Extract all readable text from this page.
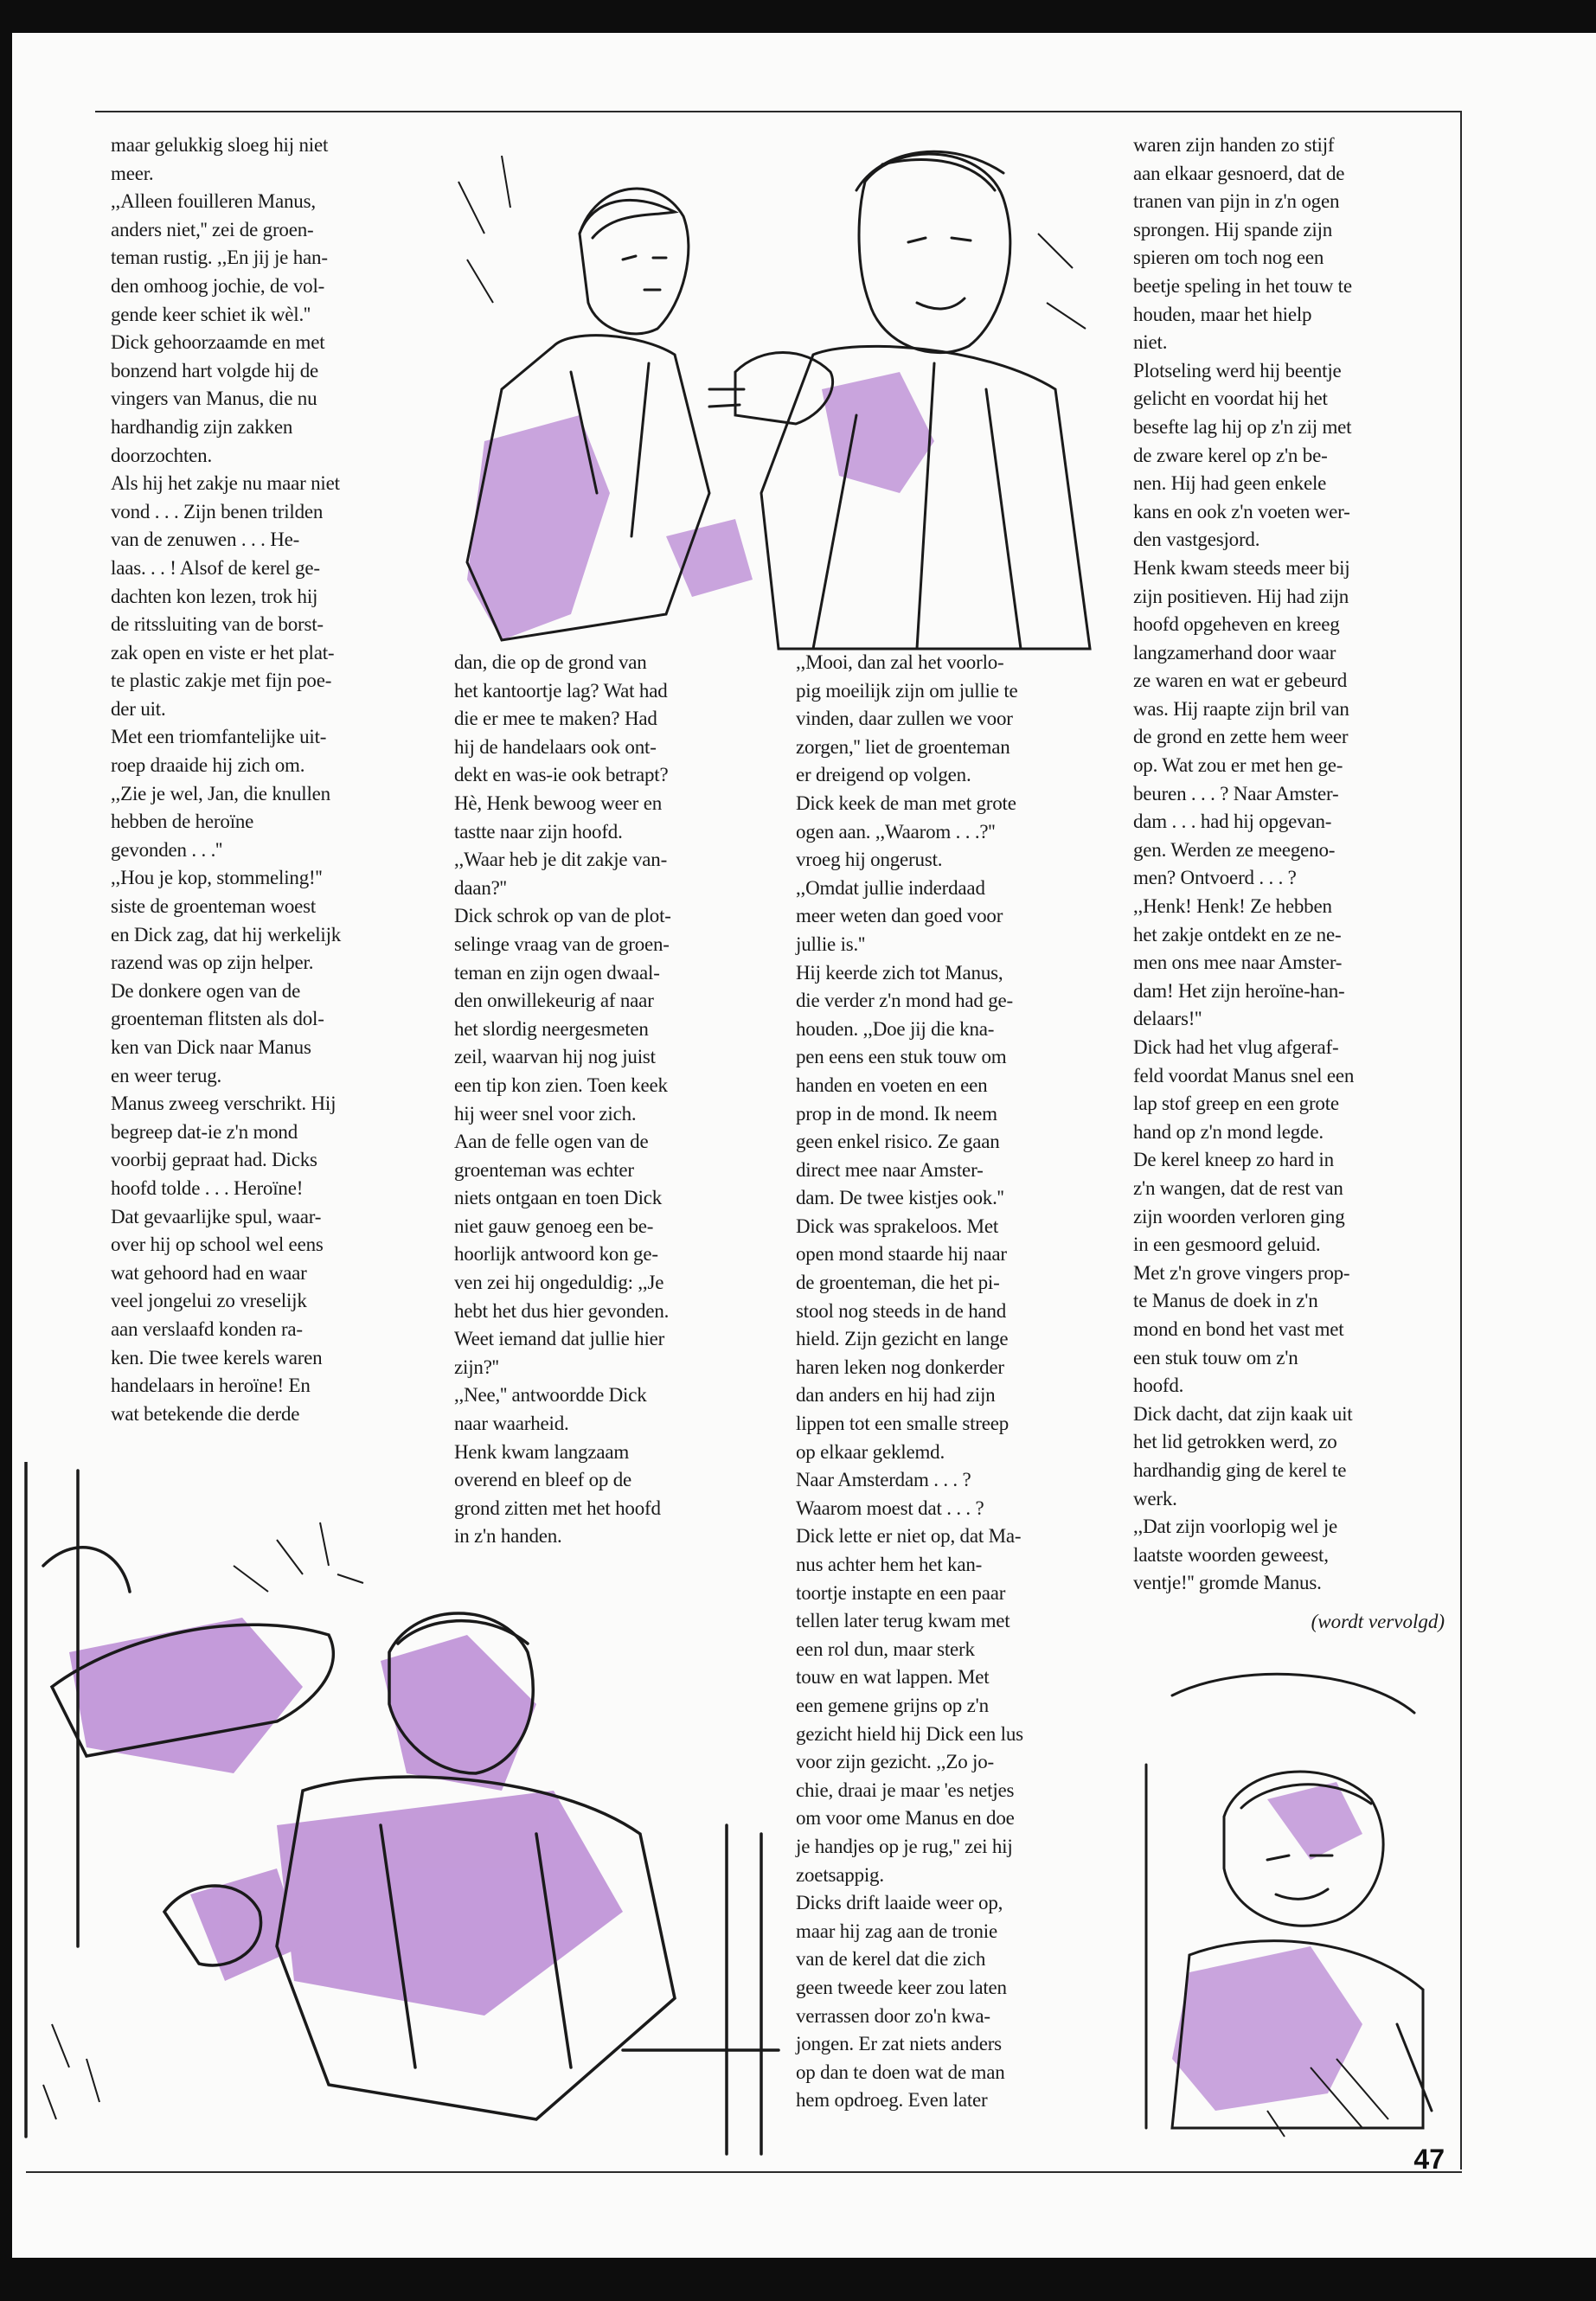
maar gelukkig sloeg hij niet
meer.
,,Alleen fouilleren Manus,
anders niet,'' zei de groen-
teman rustig. ,,En jij je han-
den omhoog jochie, de vol-
gende keer schiet ik wèl.''
Dick gehoorzaamde en met
bonzend hart volgde hij de
vingers van Manus, die nu
hardhandig zijn zakken
doorzochten.
Als hij het zakje nu maar niet
vond . . . Zijn benen trilden
van de zenuwen . . . He-
laas. . . ! Alsof de kerel ge-
dachten kon lezen, trok hij
de ritssluiting van de borst-
zak open en viste er het plat-
te plastic zakje met fijn poe-
der uit.
Met een triomfantelijke uit-
roep draaide hij zich om.
,,Zie je wel, Jan, die knullen
hebben de heroïne
gevonden . . .''
,,Hou je kop, stommeling!''
siste de groenteman woest
en Dick zag, dat hij werkelijk
razend was op zijn helper.
De donkere ogen van de
groenteman flitsten als dol-
ken van Dick naar Manus
en weer terug.
Manus zweeg verschrikt. Hij
begreep dat-ie z'n mond
voorbij gepraat had. Dicks
hoofd tolde . . . Heroïne!
Dat gevaarlijke spul, waar-
over hij op school wel eens
wat gehoord had en waar
veel jongelui zo vreselijk
aan verslaafd konden ra-
ken. Die twee kerels waren
handelaars in heroïne! En
wat betekende die derde
dan, die op de grond van
het kantoortje lag? Wat had
die er mee te maken? Had
hij de handelaars ook ont-
dekt en was-ie ook betrapt?
Hè, Henk bewoog weer en
tastte naar zijn hoofd.
,,Waar heb je dit zakje van-
daan?''
Dick schrok op van de plot-
selinge vraag van de groen-
teman en zijn ogen dwaal-
den onwillekeurig af naar
het slordig neergesmeten
zeil, waarvan hij nog juist
een tip kon zien. Toen keek
hij weer snel voor zich.
Aan de felle ogen van de
groenteman was echter
niets ontgaan en toen Dick
niet gauw genoeg een be-
hoorlijk antwoord kon ge-
ven zei hij ongeduldig: ,,Je
hebt het dus hier gevonden.
Weet iemand dat jullie hier
zijn?''
,,Nee,'' antwoordde Dick
naar waarheid.
Henk kwam langzaam
overend en bleef op de
grond zitten met het hoofd
in z'n handen.
,,Mooi, dan zal het voorlo-
pig moeilijk zijn om jullie te
vinden, daar zullen we voor
zorgen,'' liet de groenteman
er dreigend op volgen.
Dick keek de man met grote
ogen aan. ,,Waarom . . .?''
vroeg hij ongerust.
,,Omdat jullie inderdaad
meer weten dan goed voor
jullie is.''
Hij keerde zich tot Manus,
die verder z'n mond had ge-
houden. ,,Doe jij die kna-
pen eens een stuk touw om
handen en voeten en een
prop in de mond. Ik neem
geen enkel risico. Ze gaan
direct mee naar Amster-
dam. De twee kistjes ook.''
Dick was sprakeloos. Met
open mond staarde hij naar
de groenteman, die het pi-
stool nog steeds in de hand
hield. Zijn gezicht en lange
haren leken nog donkerder
dan anders en hij had zijn
lippen tot een smalle streep
op elkaar geklemd.
Naar Amsterdam . . . ?
Waarom moest dat . . . ?
Dick lette er niet op, dat Ma-
nus achter hem het kan-
toortje instapte en een paar
tellen later terug kwam met
een rol dun, maar sterk
touw en wat lappen. Met
een gemene grijns op z'n
gezicht hield hij Dick een lus
voor zijn gezicht. ,,Zo jo-
chie, draai je maar 'es netjes
om voor ome Manus en doe
je handjes op je rug,'' zei hij
zoetsappig.
Dicks drift laaide weer op,
maar hij zag aan de tronie
van de kerel dat die zich
geen tweede keer zou laten
verrassen door zo'n kwa-
jongen. Er zat niets anders
op dan te doen wat de man
hem opdroeg. Even later
waren zijn handen zo stijf
aan elkaar gesnoerd, dat de
tranen van pijn in z'n ogen
sprongen. Hij spande zijn
spieren om toch nog een
beetje speling in het touw te
houden, maar het hielp
niet.
Plotseling werd hij beentje
gelicht en voordat hij het
besefte lag hij op z'n zij met
de zware kerel op z'n be-
nen. Hij had geen enkele
kans en ook z'n voeten wer-
den vastgesjord.
Henk kwam steeds meer bij
zijn positieven. Hij had zijn
hoofd opgeheven en kreeg
langzamerhand door waar
ze waren en wat er gebeurd
was. Hij raapte zijn bril van
de grond en zette hem weer
op. Wat zou er met hen ge-
beuren . . . ? Naar Amster-
dam . . . had hij opgevan-
gen. Werden ze meegeno-
men? Ontvoerd . . . ?
,,Henk! Henk! Ze hebben
het zakje ontdekt en ze ne-
men ons mee naar Amster-
dam! Het zijn heroïne-han-
delaars!''
Dick had het vlug afgeraf-
feld voordat Manus snel een
lap stof greep en een grote
hand op z'n mond legde.
De kerel kneep zo hard in
z'n wangen, dat de rest van
zijn woorden verloren ging
in een gesmoord geluid.
Met z'n grove vingers prop-
te Manus de doek in z'n
mond en bond het vast met
een stuk touw om z'n
hoofd.
Dick dacht, dat zijn kaak uit
het lid getrokken werd, zo
hardhandig ging de kerel te
werk.
,,Dat zijn voorlopig wel je
laatste woorden geweest,
ventje!'' gromde Manus.
(wordt vervolgd)
47
